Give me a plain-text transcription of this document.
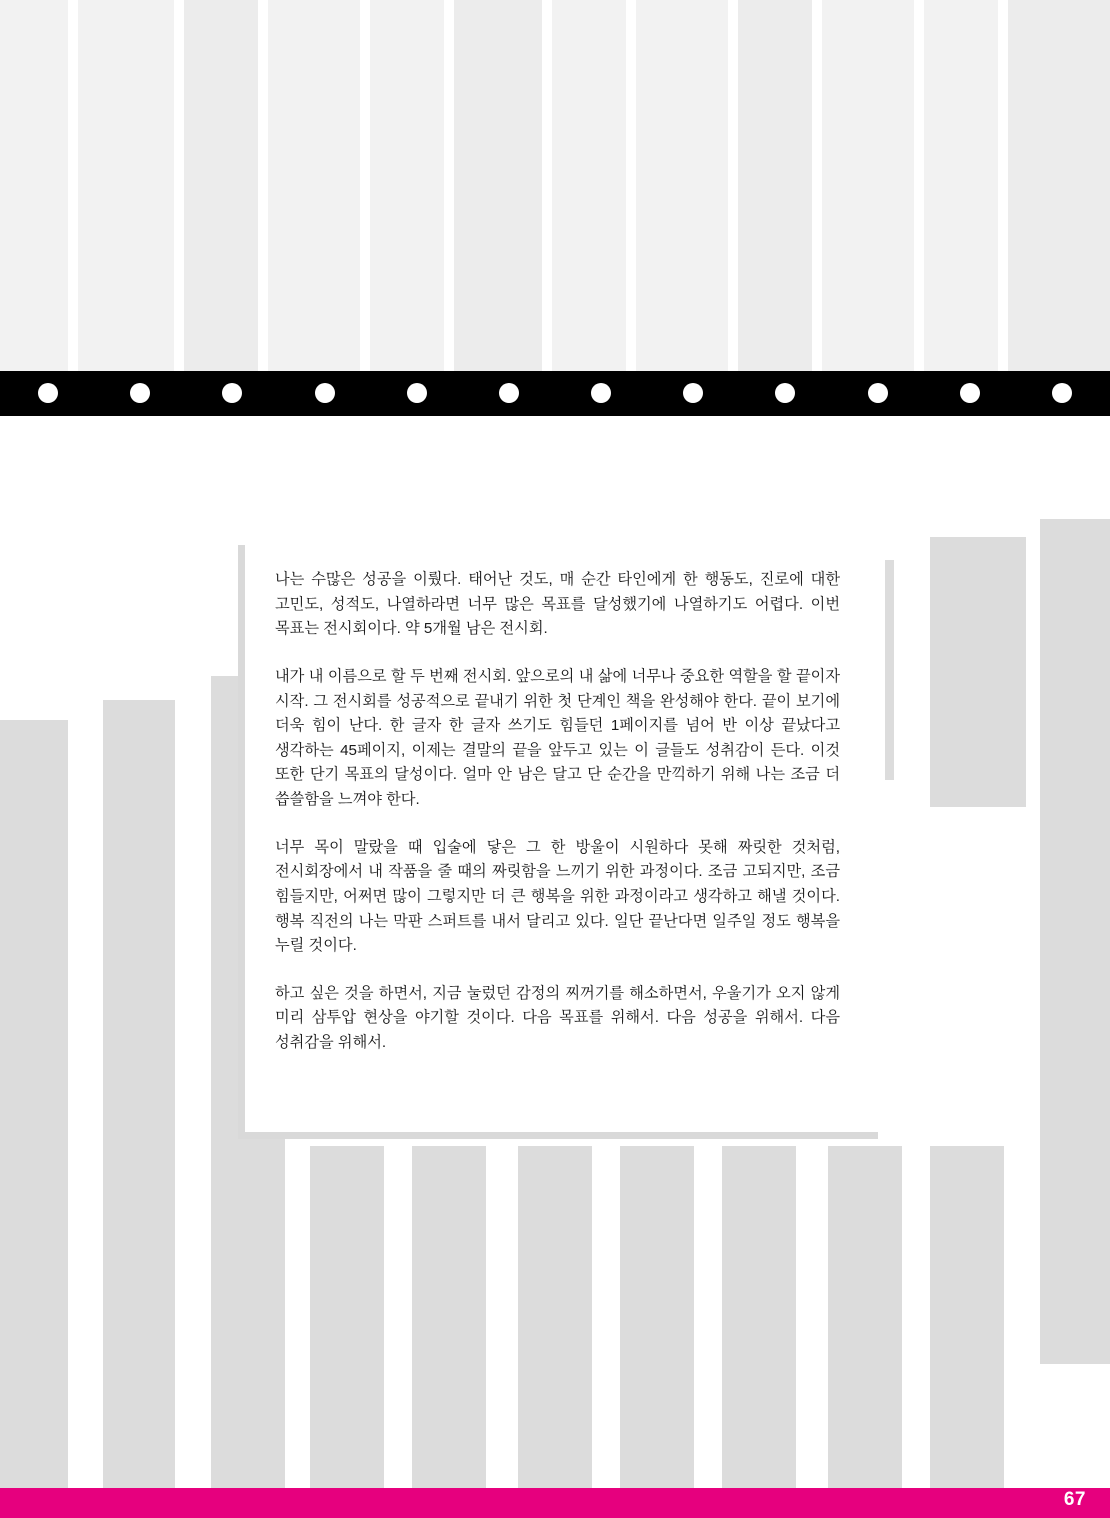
나는 수많은 성공을 이뤘다. 태어난 것도, 매 순간 타인에게 한 행동도, 진로에 대한 고민도, 성적도, 나열하라면 너무 많은 목표를 달성했기에 나열하기도 어렵다. 이번 목표는 전시회이다. 약 5개월 남은 전시회.

내가 내 이름으로 할 두 번째 전시회. 앞으로의 내 삶에 너무나 중요한 역할을 할 끝이자 시작. 그 전시회를 성공적으로 끝내기 위한 첫 단계인 책을 완성해야 한다. 끝이 보기에 더욱 힘이 난다. 한 글자 한 글자 쓰기도 힘들던 1페이지를 넘어 반 이상 끝났다고 생각하는 45페이지, 이제는 결말의 끝을 앞두고 있는 이 글들도 성취감이 든다. 이것 또한 단기 목표의 달성이다. 얼마 안 남은 달고 단 순간을 만끽하기 위해 나는 조금 더 씁쓸함을 느껴야 한다.

너무 목이 말랐을 때 입술에 닿은 그 한 방울이 시원하다 못해 짜릿한 것처럼, 전시회장에서 내 작품을 줄 때의 짜릿함을 느끼기 위한 과정이다. 조금 고되지만, 조금 힘들지만, 어쩌면 많이 그렇지만 더 큰 행복을 위한 과정이라고 생각하고 해낼 것이다. 행복 직전의 나는 막판 스퍼트를 내서 달리고 있다. 일단 끝난다면 일주일 정도 행복을 누릴 것이다.

하고 싶은 것을 하면서, 지금 눌렀던 감정의 찌꺼기를 해소하면서, 우울기가 오지 않게 미리 삼투압 현상을 야기할 것이다. 다음 목표를 위해서. 다음 성공을 위해서. 다음 성취감을 위해서.

67
